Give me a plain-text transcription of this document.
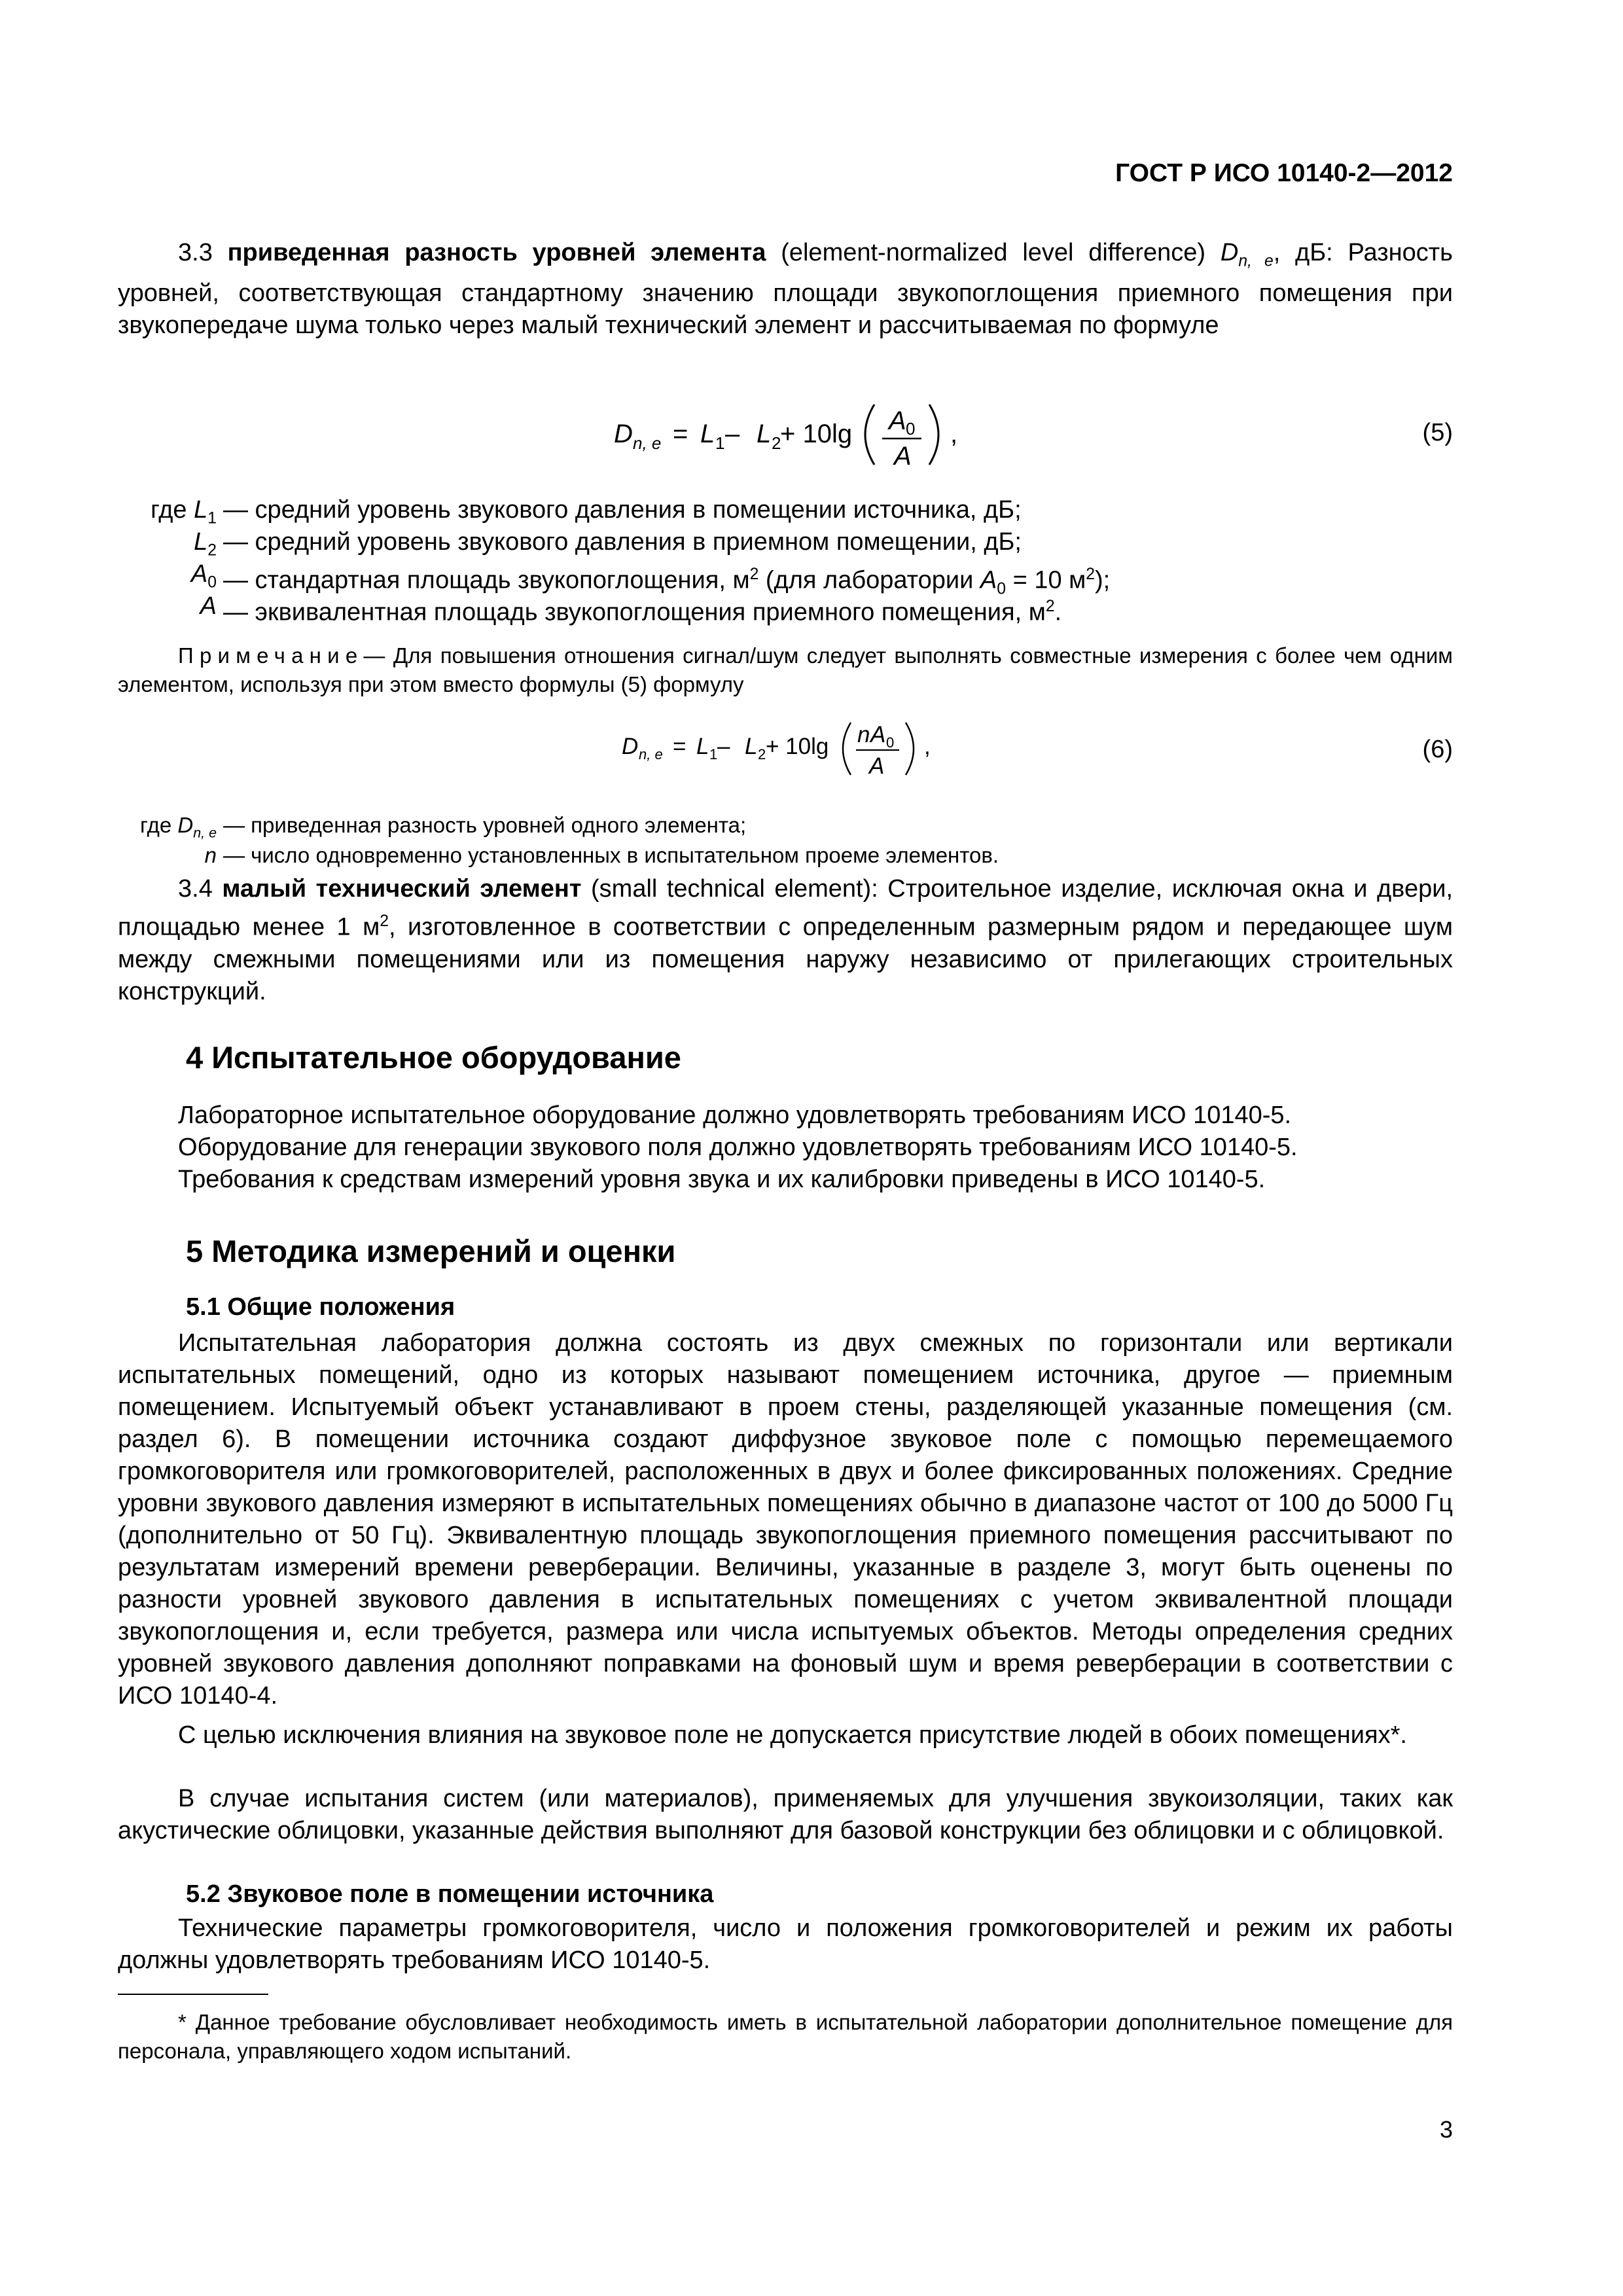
ГОСТ Р ИСО 10140-2—2012

3.3 приведенная разность уровней элемента (element-normalized level difference) $D_{n, e}$, дБ: Разность уровней, соответствующая стандартному значению площади звукопоглощения приемного помещения при звукопередаче шума только через малый технический элемент и рассчитываемая по формуле

D n, e = L 1 – L 2
+ 10lg A 0
A
,	(5)
где $L_1$ — средний уровень звукового давления в помещении источника, дБ;
$L_2$ — средний уровень звукового давления в приемном помещении, дБ;
$A_0$ — стандартная площадь звукопоглощения, $м^2$ (для лаборатории $A_0 = 10$ $м^2$);
A — эквивалентная площадь звукопоглощения приемного помещения, $м^2$.

Примечание— Для повышения отношения сигнал/шум следует выполнять совместные измерения с более чем одним элементом, используя при этом вместо формулы (5) формулу

D n, e = L 1 – L 2 + 10lg n A 0
A
,	(6)
где $D_{n, e}$ — приведенная разность уровней одного элемента;
n — число одновременно установленных в испытательном проеме элементов.

3.4 малый технический элемент (small technical element): Строительное изделие, исключая окна и двери, площадью менее 1 $м^2$, изготовленное в соответствии с определенным размерным рядом и передающее шум между смежными помещениями или из помещения наружу независимо от прилегающих строительных конструкций.

4 Испытательное оборудование
Лабораторное испытательное оборудование должно удовлетворять требованиям ИСО 10140-5.
Оборудование для генерации звукового поля должно удовлетворять требованиям ИСО 10140-5.
Требования к средствам измерений уровня звука и их калибровки приведены в ИСО 10140-5.
5 Методика измерений и оценки
5.1 Общие положения

Испытательная лаборатория должна состоять из двух смежных по горизонтали или вертикали испытательных помещений, одно из которых называют помещением источника, другое — приемным помещением. Испытуемый объект устанавливают в проем стены, разделяющей указанные помещения (см. раздел 6). В помещении источника создают диффузное звуковое поле с помощью перемещаемого громкоговорителя или громкоговорителей, расположенных в двух и более фиксированных положениях. Средние уровни звукового давления измеряют в испытательных помещениях обычно в диапазоне частот от 100 до 5000 Гц (дополнительно от 50 Гц). Эквивалентную площадь звукопоглощения приемного помещения рассчитывают по результатам измерений времени реверберации. Величины, указанные в разделе 3, могут быть оценены по разности уровней звукового давления в испытательных помещениях с учетом эквивалентной площади звукопоглощения и, если требуется, размера или числа испытуемых объектов. Методы определения средних уровней звукового давления дополняют поправками на фоновый шум и время реверберации в соответствии с ИСО 10140-4.

С целью исключения влияния на звуковое поле не допускается присутствие людей в обоих помещениях*.

В случае испытания систем (или материалов), применяемых для улучшения звукоизоляции, таких как акустические облицовки, указанные действия выполняют для базовой конструкции без облицовки и с облицовкой.

5.2 Звуковое поле в помещении источника

Технические параметры громкоговорителя, число и положения громкоговорителей и режим их работы должны удовлетворять требованиям ИСО 10140-5.

* Данное требование обусловливает необходимость иметь в испытательной лаборатории дополнительное помещение для персонала, управляющего ходом испытаний.

3
